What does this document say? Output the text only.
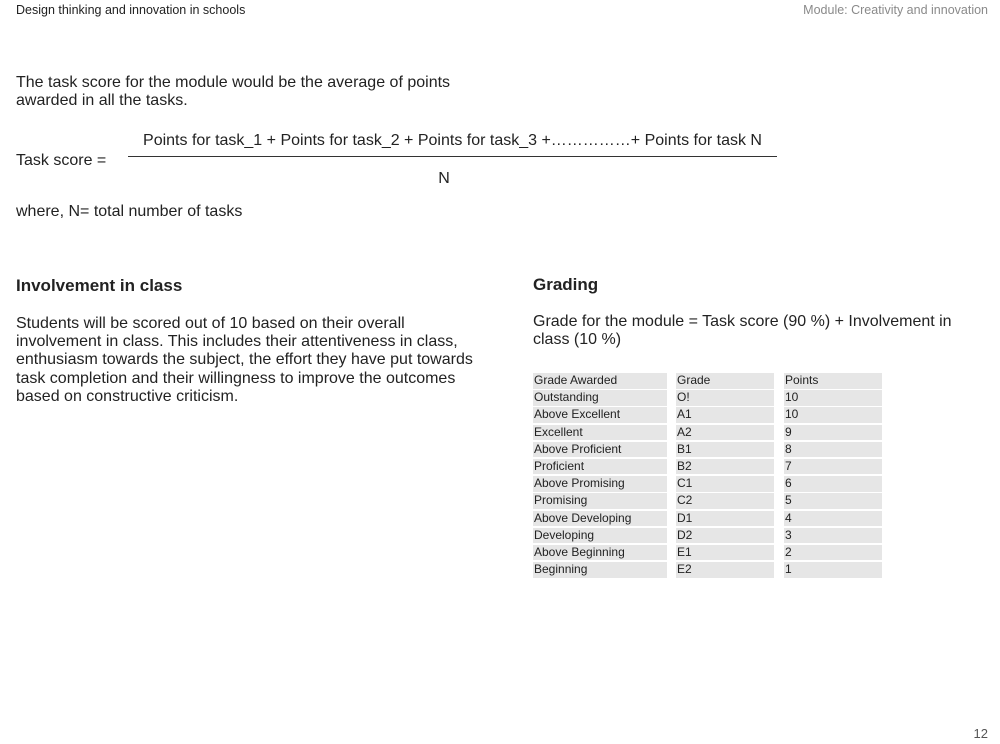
Design thinking and innovation in schools	Module: Creativity and innovation
The task score for the module would be the average of points awarded in all the tasks.
Task score =
Points for task_1 + Points for task_2 + Points for task_3 +……………+ Points for task N
N
where, N= total number of tasks
Involvement in class
Students will be scored out of 10 based on their overall involvement in class. This includes their attentiveness in class, enthusiasm towards the subject, the effort they have put towards task completion and their willingness to improve the outcomes based on constructive criticism.
Grading
Grade for the module = Task score (90 %) + Involvement in class (10 %)
Grade Awarded	Grade	Points
Outstanding	O!	10
Above Excellent	A1	10
Excellent	A2	9
Above Proficient	B1	8
Proficient	B2	7
Above Promising	C1	6
Promising	C2	5
Above Developing	D1	4
Developing	D2	3
Above Beginning	E1	2
Beginning	E2	1
12
